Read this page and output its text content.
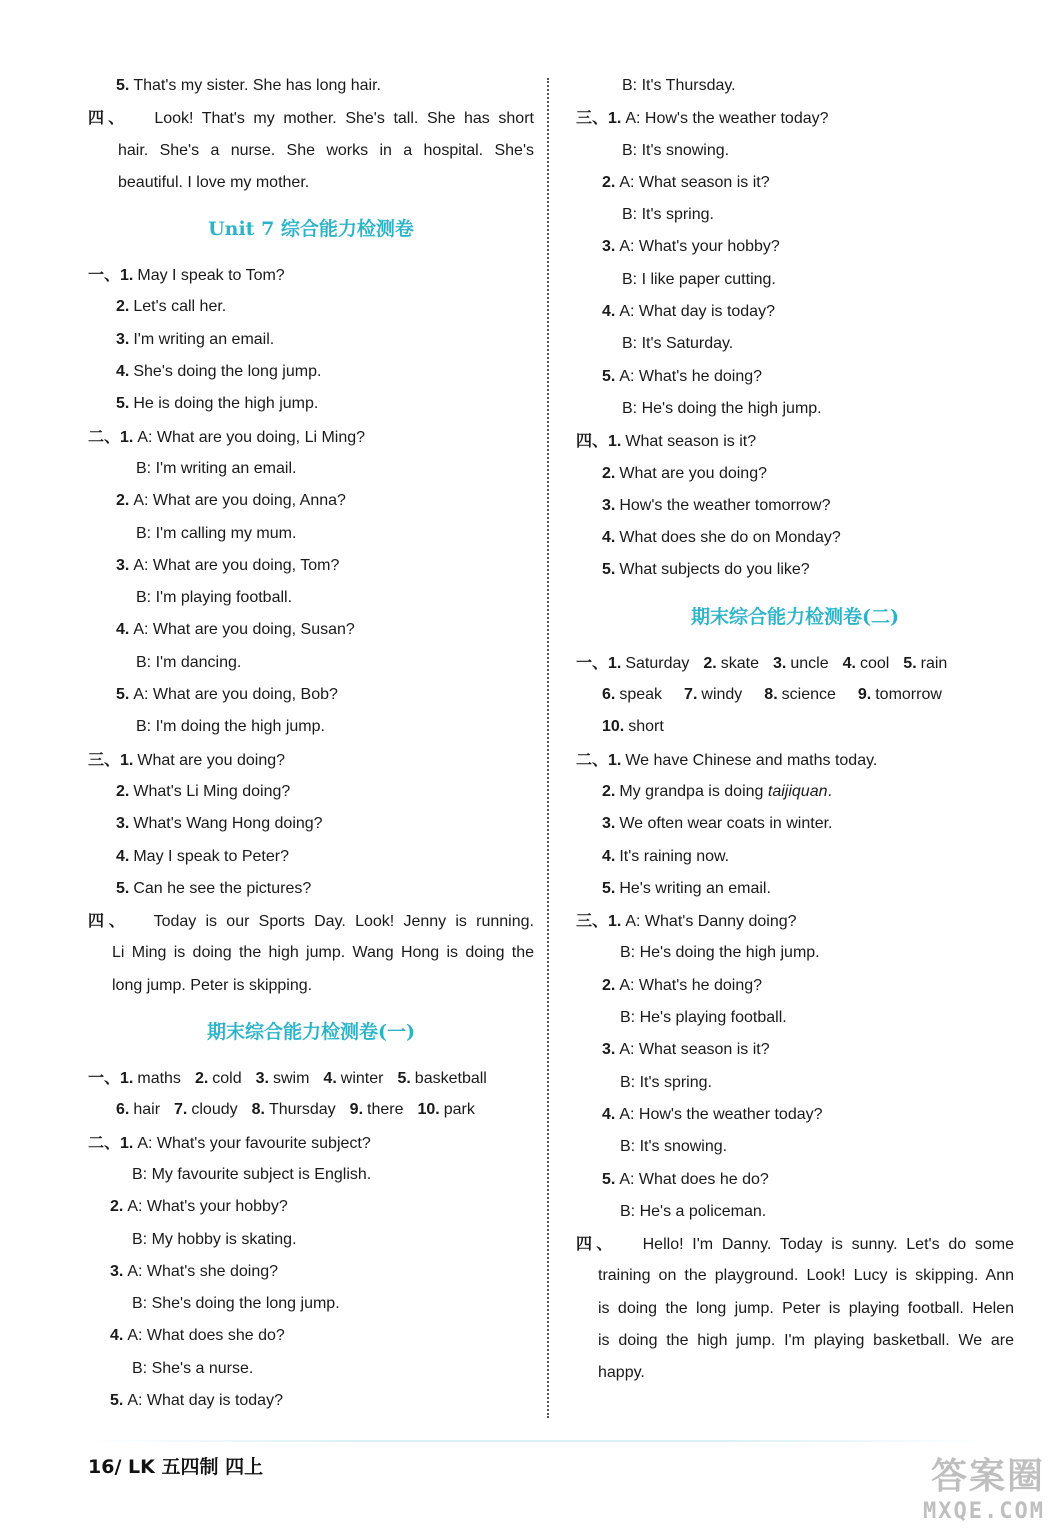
5. That's my sister. She has long hair.
四、 Look! That's my mother. She's tall. She has short
hair. She's a nurse. She works in a hospital. She's
beautiful. I love my mother.
Unit 7 综合能力检测卷
一、1. May I speak to Tom?
2. Let's call her.
3. I'm writing an email.
4. She's doing the long jump.
5. He is doing the high jump.
二、1. A: What are you doing, Li Ming?
B: I'm writing an email.
2. A: What are you doing, Anna?
B: I'm calling my mum.
3. A: What are you doing, Tom?
B: I'm playing football.
4. A: What are you doing, Susan?
B: I'm dancing.
5. A: What are you doing, Bob?
B: I'm doing the high jump.
三、1. What are you doing?
2. What's Li Ming doing?
3. What's Wang Hong doing?
4. May I speak to Peter?
5. Can he see the pictures?
四、 Today is our Sports Day. Look! Jenny is running.
Li Ming is doing the high jump. Wang Hong is doing the
long jump. Peter is skipping.
期末综合能力检测卷(一)
一、1. maths 2. cold 3. swim 4. winter 5. basketball
6. hair 7. cloudy 8. Thursday 9. there 10. park
二、1. A: What's your favourite subject?
B: My favourite subject is English.
2. A: What's your hobby?
B: My hobby is skating.
3. A: What's she doing?
B: She's doing the long jump.
4. A: What does she do?
B: She's a nurse.
5. A: What day is today?
B: It's Thursday.
三、1. A: How's the weather today?
B: It's snowing.
2. A: What season is it?
B: It's spring.
3. A: What's your hobby?
B: I like paper cutting.
4. A: What day is today?
B: It's Saturday.
5. A: What's he doing?
B: He's doing the high jump.
四、1. What season is it?
2. What are you doing?
3. How's the weather tomorrow?
4. What does she do on Monday?
5. What subjects do you like?
期末综合能力检测卷(二)
一、1. Saturday 2. skate 3. uncle 4. cool 5. rain
6. speak 7. windy 8. science 9. tomorrow
10. short
二、1. We have Chinese and maths today.
2. My grandpa is doing taijiquan.
3. We often wear coats in winter.
4. It's raining now.
5. He's writing an email.
三、1. A: What's Danny doing?
B: He's doing the high jump.
2. A: What's he doing?
B: He's playing football.
3. A: What season is it?
B: It's spring.
4. A: How's the weather today?
B: It's snowing.
5. A: What does he do?
B: He's a policeman.
四、 Hello! I'm Danny. Today is sunny. Let's do some
training on the playground. Look! Lucy is skipping. Ann
is doing the long jump. Peter is playing football. Helen
is doing the high jump. I'm playing basketball. We are
happy.
16/ LK 五四制 四上	答案圈
MXQE.COM
